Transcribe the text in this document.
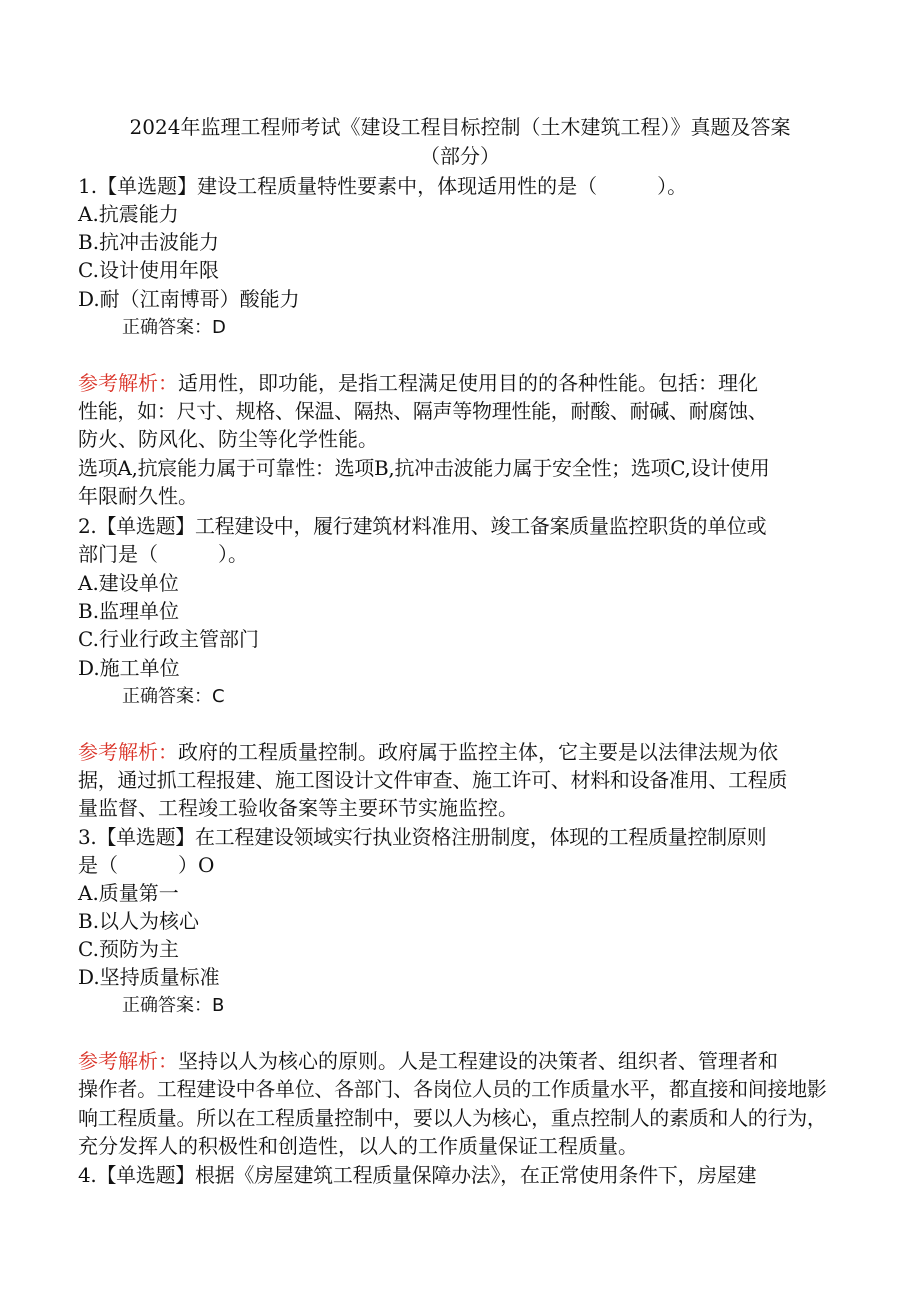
2024年监理工程师考试《建设工程目标控制（土木建筑工程）》真题及答案
（部分）
1.【单选题】建设工程质量特性要素中，体现适用性的是（　　　）。
A.抗震能力
B.抗冲击波能力
C.设计使用年限
D.耐（江南博哥）酸能力
正确答案：D
参考解析：适用性，即功能，是指工程满足使用目的的各种性能。包括：理化
性能，如：尺寸、规格、保温、隔热、隔声等物理性能，耐酸、耐碱、耐腐蚀、
防火、防风化、防尘等化学性能。
选项A,抗宸能力属于可靠性：选项B,抗冲击波能力属于安全性；选项C,设计使用
年限耐久性。
2.【单选题】工程建设中，履行建筑材料准用、竣工备案质量监控职货的单位或
部门是（　　　）。
A.建设单位
B.监理单位
C.行业行政主管部门
D.施工单位
正确答案：C
参考解析：政府的工程质量控制。政府属于监控主体，它主要是以法律法规为依
据，通过抓工程报建、施工图设计文件审查、施工许可、材料和设备准用、工程质
量监督、工程竣工验收备案等主要环节实施监控。
3.【单选题】在工程建设领域实行执业资格注册制度，体现的工程质量控制原则
是（　　　）O
A.质量第一
B.以人为核心
C.预防为主
D.坚持质量标准
正确答案：B
参考解析：坚持以人为核心的原则。人是工程建设的决策者、组织者、管理者和
操作者。工程建设中各单位、各部门、各岗位人员的工作质量水平，都直接和间接地影
响工程质量。所以在工程质量控制中，要以人为核心，重点控制人的素质和人的行为，
充分发挥人的积极性和创造性，以人的工作质量保证工程质量。
4.【单选题】根据《房屋建筑工程质量保障办法》，在正常使用条件下，房屋建
